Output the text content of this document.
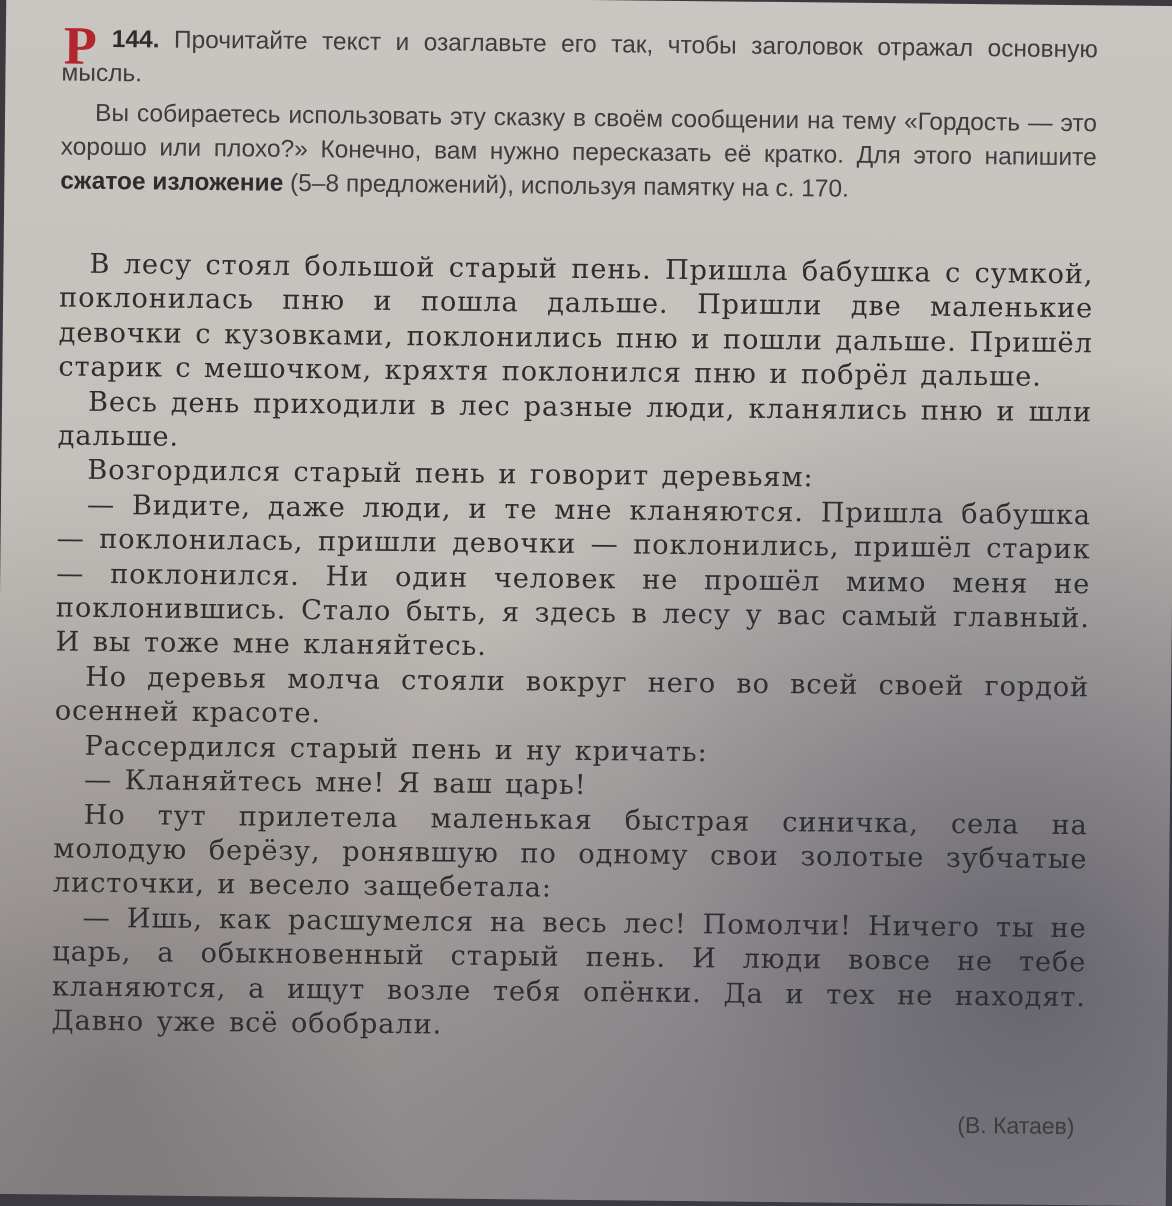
Р 144. Прочитайте текст и озаглавьте его так, чтобы заголовок отражал основную мысль.

Вы собираетесь использовать эту сказку в своём сообщении на тему «Гордость — это хорошо или плохо?» Конечно, вам нужно пересказать её кратко. Для этого напишите сжатое изложение (5–8 предложений), используя памятку на с. 170.

В лесу стоял большой старый пень. Пришла бабушка с сумкой, поклонилась пню и пошла дальше. Пришли две маленькие девочки с кузовками, поклонились пню и пошли дальше. Пришёл старик с мешочком, кряхтя поклонился пню и побрёл дальше.

Весь день приходили в лес разные люди, кланялись пню и шли дальше.

Возгордился старый пень и говорит деревьям:

— Видите, даже люди, и те мне кланяются. Пришла бабушка — поклонилась, пришли девочки — поклонились, пришёл старик — поклонился. Ни один человек не прошёл мимо меня не поклонившись. Стало быть, я здесь в лесу у вас самый главный. И вы тоже мне кланяйтесь.

Но деревья молча стояли вокруг него во всей своей гордой осенней красоте.

Рассердился старый пень и ну кричать:

— Кланяйтесь мне! Я ваш царь!

Но тут прилетела маленькая быстрая синичка, села на молодую берёзу, ронявшую по одному свои золотые зубчатые листочки, и весело защебетала:

— Ишь, как расшумелся на весь лес! Помолчи! Ничего ты не царь, а обыкновенный старый пень. И люди вовсе не тебе кланяются, а ищут возле тебя опёнки. Да и тех не находят. Давно уже всё обобрали.

(В. Катаев)
